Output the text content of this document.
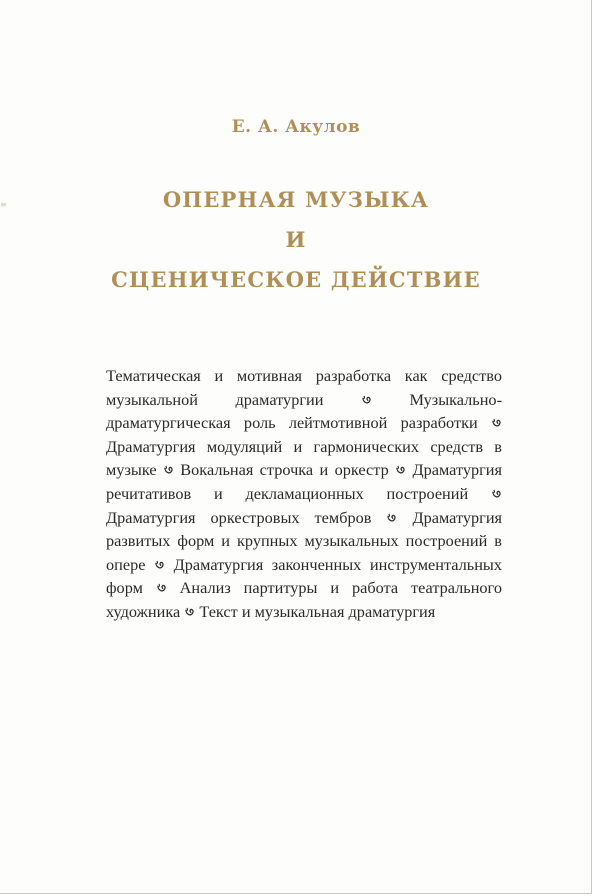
≡
Е. А. Акулов
ОПЕРНАЯ МУЗЫКА
И
СЦЕНИЧЕСКОЕ ДЕЙСТВИЕ
Тематическая и мотивная разработка как средство музыкальной драматургии	Музыкально-драматургическая роль лейтмотивной разработки  Драматургия модуляций и гармонических средств в музыке Вокальная строчка и оркестр Драматургия речитативов и декламационных построений  Драматургия оркестровых тембров	Драматургия развитых форм и крупных музыкальных построений в опере Драматургия законченных инструментальных форм Анализ партитуры и работа театрального художника Текст и музыкальная драматургия
